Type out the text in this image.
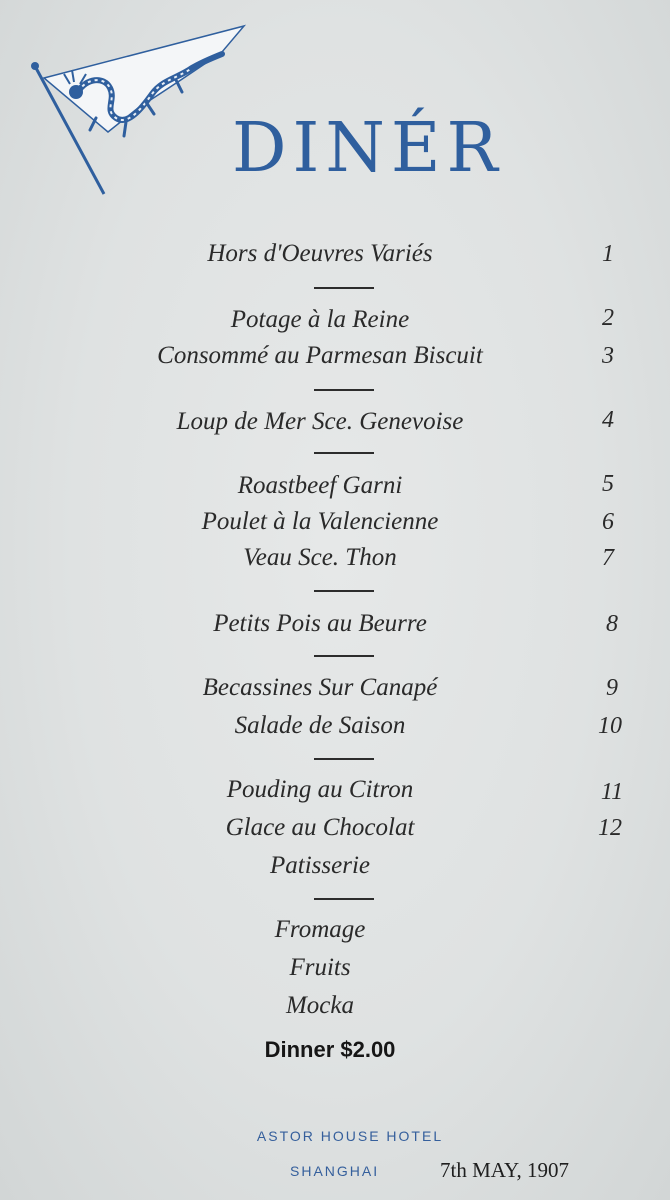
DINÉR
Hors d'Oeuvres Variés	1
Potage à la Reine	2
Consommé au Parmesan Biscuit	3
Loup de Mer Sce. Genevoise	4
Roastbeef Garni	5
Poulet à la Valencienne	6
Veau Sce. Thon	7
Petits Pois au Beurre	8
Becassines Sur Canapé	9
Salade de Saison	10
Pouding au Citron	11
Glace au Chocolat	12
Patisserie
Fromage
Fruits
Mocka
Dinner $2.00
ASTOR HOUSE HOTEL
SHANGHAI	7th MAY, 1907
